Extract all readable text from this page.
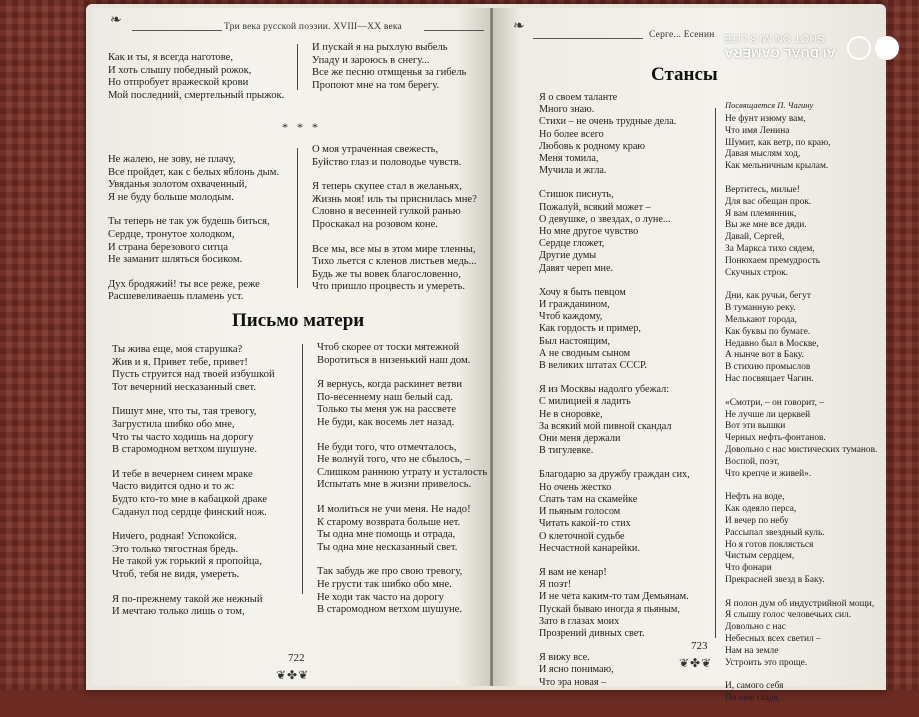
❧	Три века русской поэзии. XVIII—XX века
Как и ты, я всегда наготове,
И хоть слышу победный рожок,
Но отпробует вражеской крови
Мой последний, смертельный прыжок.
И пускай я на рыхлую выбель
Упаду и зароюсь в снегу...
Все же песню отмщенья за гибель
Пропоют мне на том берегу.
* * *
Не жалею, не зову, не плачу,
Все пройдет, как с белых яблонь дым.
Увяданья золотом охваченный,
Я не буду больше молодым.
Ты теперь не так уж будешь биться,
Сердце, тронутое холодком,
И страна березового ситца
Не заманит шляться босиком.
Дух бродяжий! ты все реже, реже
Расшевеливаешь пламень уст.
О моя утраченная свежесть,
Буйство глаз и половодье чувств.
Я теперь скупее стал в желаньях,
Жизнь моя! иль ты приснилась мне?
Словно я весенней гулкой ранью
Проскакал на розовом коне.
Все мы, все мы в этом мире тленны,
Тихо льется с кленов листьев медь...
Будь же ты вовек благословенно,
Что пришло процвесть и умереть.
Письмо матери
Ты жива еще, моя старушка?
Жив и я. Привет тебе, привет!
Пусть струится над твоей избушкой
Тот вечерний несказанный свет.
Пишут мне, что ты, тая тревогу,
Загрустила шибко обо мне,
Что ты часто ходишь на дорогу
В старомодном ветхом шушуне.
И тебе в вечернем синем мраке
Часто видится одно и то ж:
Будто кто-то мне в кабацкой драке
Саданул под сердце финский нож.
Ничего, родная! Успокойся.
Это только тягостная бредь.
Не такой уж горький я пропойца,
Чтоб, тебя не видя, умереть.
Я по-прежнему такой же нежный
И мечтаю только лишь о том,
Чтоб скорее от тоски мятежной
Воротиться в низенький наш дом.
Я вернусь, когда раскинет ветви
По-весеннему наш белый сад.
Только ты меня уж на рассвете
Не буди, как восемь лет назад.
Не буди того, что отмечталось,
Не волнуй того, что не сбылось, –
Слишком раннюю утрату и усталость
Испытать мне в жизни привелось.
И молиться не учи меня. Не надо!
К старому возврата больше нет.
Ты одна мне помощь и отрада,
Ты одна мне несказанный свет.
Так забудь же про свою тревогу,
Не грусти так шибко обо мне.
Не ходи так часто на дорогу
В старомодном ветхом шушуне.
722
❦✤❦
❧
Серге... Есенин
Стансы
Посвящается П. Чагину
Я о своем таланте
Много знаю.
Стихи – не очень трудные дела.
Но более всего
Любовь к родному краю
Меня томила,
Мучила и жгла.
Стишок писнуть,
Пожалуй, всякий может –
О девушке, о звездах, о луне...
Но мне другое чувство
Сердце гложет,
Другие думы
Давят череп мне.
Хочу я быть певцом
И гражданином,
Чтоб каждому,
Как гордость и пример,
Был настоящим,
А не сводным сыном
В великих штатах СССР.
Я из Москвы надолго убежал:
С милицией я ладить
Не в сноровке,
За всякий мой пивной скандал
Они меня держали
В тигулевке.
Благодарю за дружбу граждан сих,
Но очень жестко
Спать там на скамейке
И пьяным голосом
Читать какой-то стих
О клеточной судьбе
Несчастной канарейки.
Я вам не кенар!
Я поэт!
И не чета каким-то там Демьянам.
Пускай бываю иногда я пьяным,
Зато в глазах моих
Прозрений дивных свет.
Я вижу все.
И ясно понимаю,
Что эра новая –
Не фунт изюму вам,
Что имя Ленина
Шумит, как ветр, по краю,
Давая мыслям ход,
Как мельничным крылам.
Вертитесь, милые!
Для вас обещан прок.
Я вам племянник,
Вы же мне все дяди.
Давай, Сергей,
За Маркса тихо сядем,
Понюхаем премудрость
Скучных строк.
Дни, как ручьи, бегут
В туманную реку.
Мелькают города,
Как буквы по бумаге.
Недавно был в Москве,
А нынче вот в Баку.
В стихию промыслов
Нас посвящает Чагин.
«Смотри, – он говорит, –
Не лучше ли церквей
Вот эти вышки
Черных нефть-фонтанов.
Довольно с нас мистических туманов.
Воспой, поэт,
Что крепче и живей».
Нефть на воде,
Как одеяло перса,
И вечер по небу
Рассыпал звездный куль.
Но я готов поклясться
Чистым сердцем,
Что фонари
Прекрасней звезд в Баку.
Я полон дум об индустрийной мощи,
Я слышу голос человечьих сил.
Довольно с нас
Небесных всех светил –
Нам на земле
Устроить это проще.
И, самого себя
По шее гладя,
723
❦✤❦
AI DUAL CAMERA
SHOT ON MI 8 LITE
